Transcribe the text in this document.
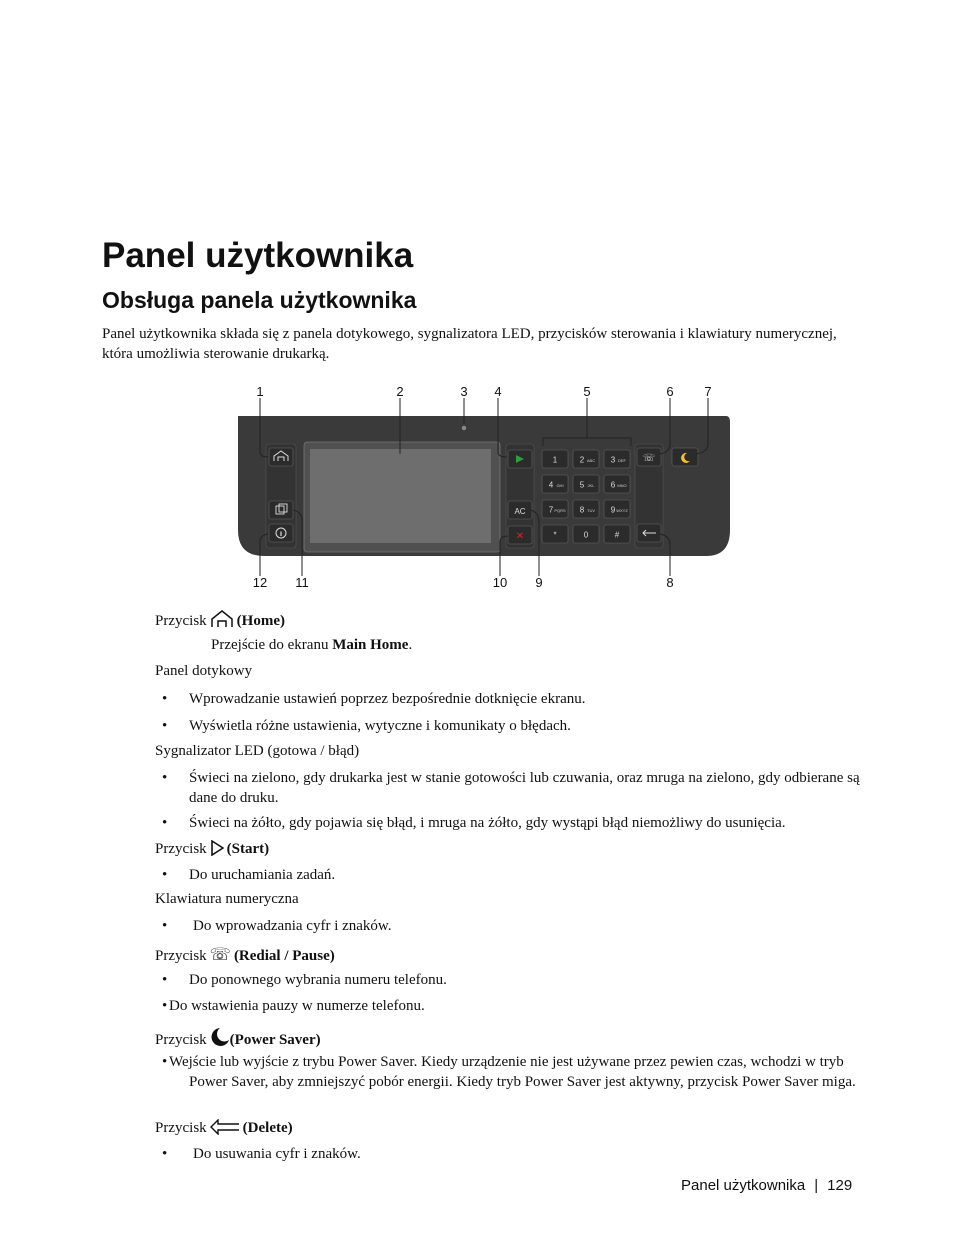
Panel użytkownika
Obsługa panela użytkownika
Panel użytkownika składa się z panela dotykowego, sygnalizatora LED, przycisków sterowania i klawiatury numerycznej, która umożliwia sterowanie drukarką.
AC
✕
1	2 ABC 3 DEF
4 GHI 5 JKL 6 MNO
7 PQRS 8 TUV 9 WXYZ
*	0	#
☏
1	2	3 4	5	6 7
8
9
10
11
12
Przycisk (Home)
Przejście do ekranu Main Home.
Panel dotykowy
• Wprowadzanie ustawień poprzez bezpośrednie dotknięcie ekranu.
• Wyświetla różne ustawienia, wytyczne i komunikaty o błędach.
Sygnalizator LED (gotowa / błąd)
• Świeci na zielono, gdy drukarka jest w stanie gotowości lub czuwania, oraz mruga na zielono, gdy odbierane są dane do druku.
• Świeci na żółto, gdy pojawia się błąd, i mruga na żółto, gdy wystąpi błąd niemożliwy do usunięcia.
Przycisk (Start)
• Do uruchamiania zadań.
Klawiatura numeryczna
• Do wprowadzania cyfr i znaków.
Przycisk ☏ (Redial / Pause)
• Do ponownego wybrania numeru telefonu.
• Do wstawienia pauzy w numerze telefonu.
Przycisk (Power Saver)
• Wejście lub wyjście z trybu Power Saver. Kiedy urządzenie nie jest używane przez pewien czas, wchodzi w tryb Power Saver, aby zmniejszyć pobór energii. Kiedy tryb Power Saver jest aktywny, przycisk Power Saver miga.
Przycisk (Delete)
• Do usuwania cyfr i znaków.
Panel użytkownika | 129
